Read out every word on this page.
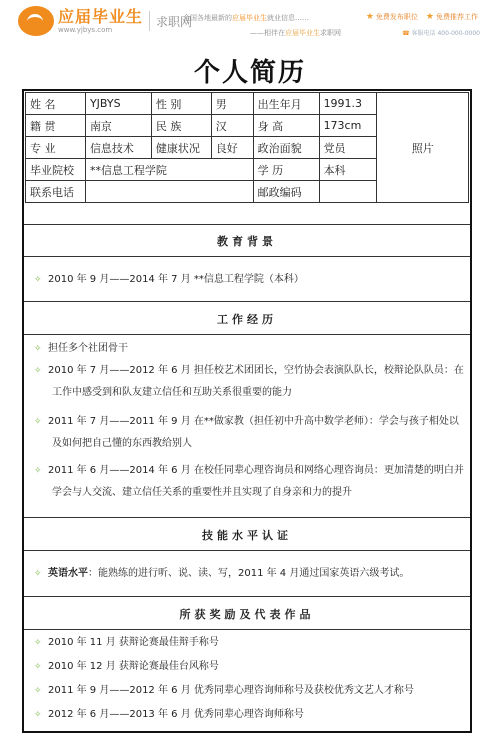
应届毕业生
www.yjbys.com
求职网
全国各地最新的应届毕业生就业信息……
——相伴在应届毕业生求职网
★ 免费发布职位 ★ 免费推荐工作
☎ 客服电话 400-000-0000
个人简历
姓 名	YJBYS	性 别	男	出生年月	1991.3	照片
籍 贯	南京	民 族	汉	身 高	173cm	
专 业	信息技术	健康状况	良好	政治面貌	党员	
毕业院校	**信息工程学院			学 历	本科	
联系电话				邮政编码		
教育背景
✧ 2010 年 9 月——2014 年 7 月 **信息工程学院（本科）
工作经历
✧ 担任多个社团骨干
✧ 2010 年 7 月——2012 年 6 月 担任校艺术团团长，空竹协会表演队队长，校辩论队队员：在工作中感受到和队友建立信任和互助关系很重要的能力
✧ 2011 年 7 月——2011 年 9 月 在**做家教（担任初中升高中数学老师）：学会与孩子相处以及如何把自己懂的东西教给别人
✧ 2011 年 6 月——2014 年 6 月 在校任同辈心理咨询员和网络心理咨询员：更加清楚的明白并学会与人交流、建立信任关系的重要性并且实现了自身亲和力的提升
技能水平认证
✧ 英语水平：能熟练的进行听、说、读、写，2011 年 4 月通过国家英语六级考试。
所获奖励及代表作品
✧ 2010 年 11 月 获辩论赛最佳辩手称号
✧ 2010 年 12 月 获辩论赛最佳台风称号
✧ 2011 年 9 月——2012 年 6 月 优秀同辈心理咨询师称号及获校优秀文艺人才称号
✧ 2012 年 6 月——2013 年 6 月 优秀同辈心理咨询师称号
